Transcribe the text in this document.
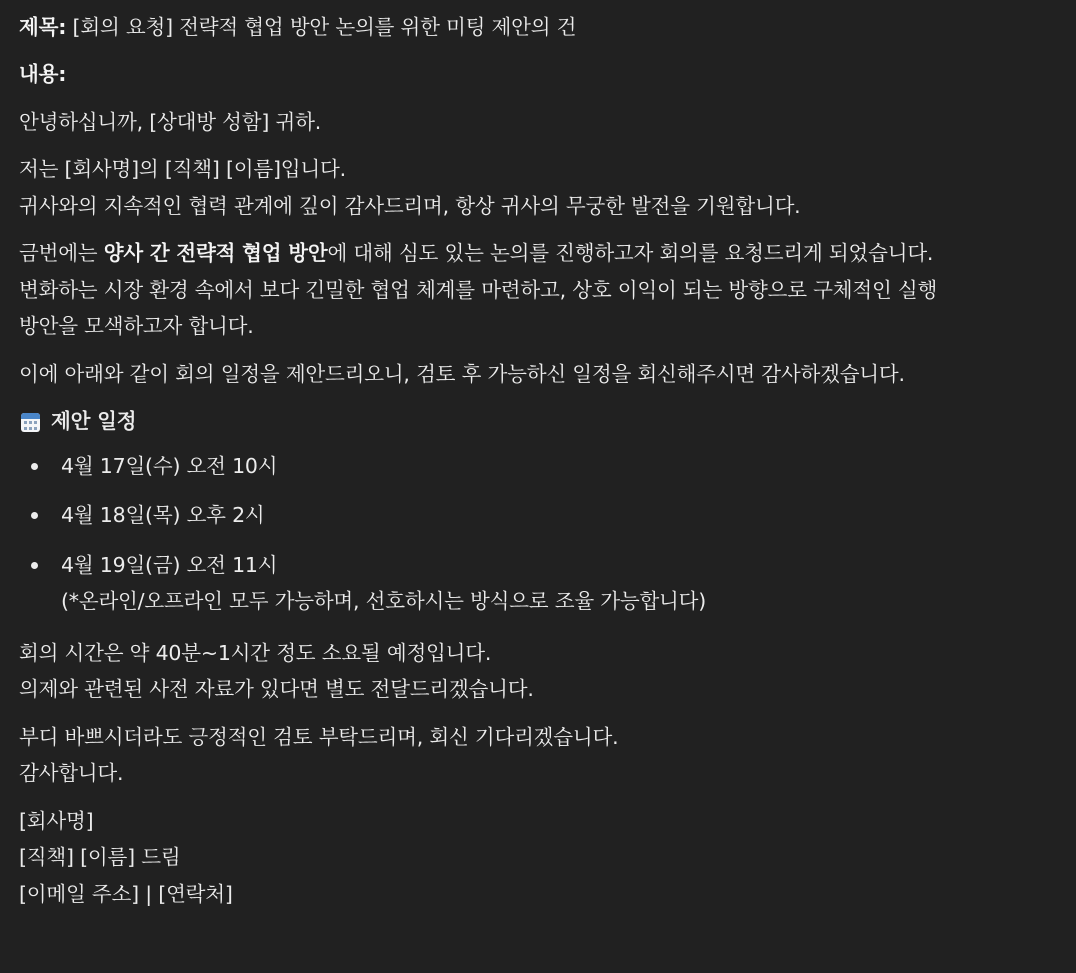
제목: [회의 요청] 전략적 협업 방안 논의를 위한 미팅 제안의 건

내용:

안녕하십니까, [상대방 성함] 귀하.

저는 [회사명]의 [직책] [이름]입니다.
귀사와의 지속적인 협력 관계에 깊이 감사드리며, 항상 귀사의 무궁한 발전을 기원합니다.

금번에는 양사 간 전략적 협업 방안에 대해 심도 있는 논의를 진행하고자 회의를 요청드리게 되었습니다.
변화하는 시장 환경 속에서 보다 긴밀한 협업 체계를 마련하고, 상호 이익이 되는 방향으로 구체적인 실행
방안을 모색하고자 합니다.

이에 아래와 같이 회의 일정을 제안드리오니, 검토 후 가능하신 일정을 회신해주시면 감사하겠습니다.

제안 일정
4월 17일(수) 오전 10시
4월 18일(목) 오후 2시
4월 19일(금) 오전 11시
(*온라인/오프라인 모두 가능하며, 선호하시는 방식으로 조율 가능합니다)

회의 시간은 약 40분~1시간 정도 소요될 예정입니다.
의제와 관련된 사전 자료가 있다면 별도 전달드리겠습니다.

부디 바쁘시더라도 긍정적인 검토 부탁드리며, 회신 기다리겠습니다.
감사합니다.

[회사명]
[직책] [이름] 드림
[이메일 주소] | [연락처]
